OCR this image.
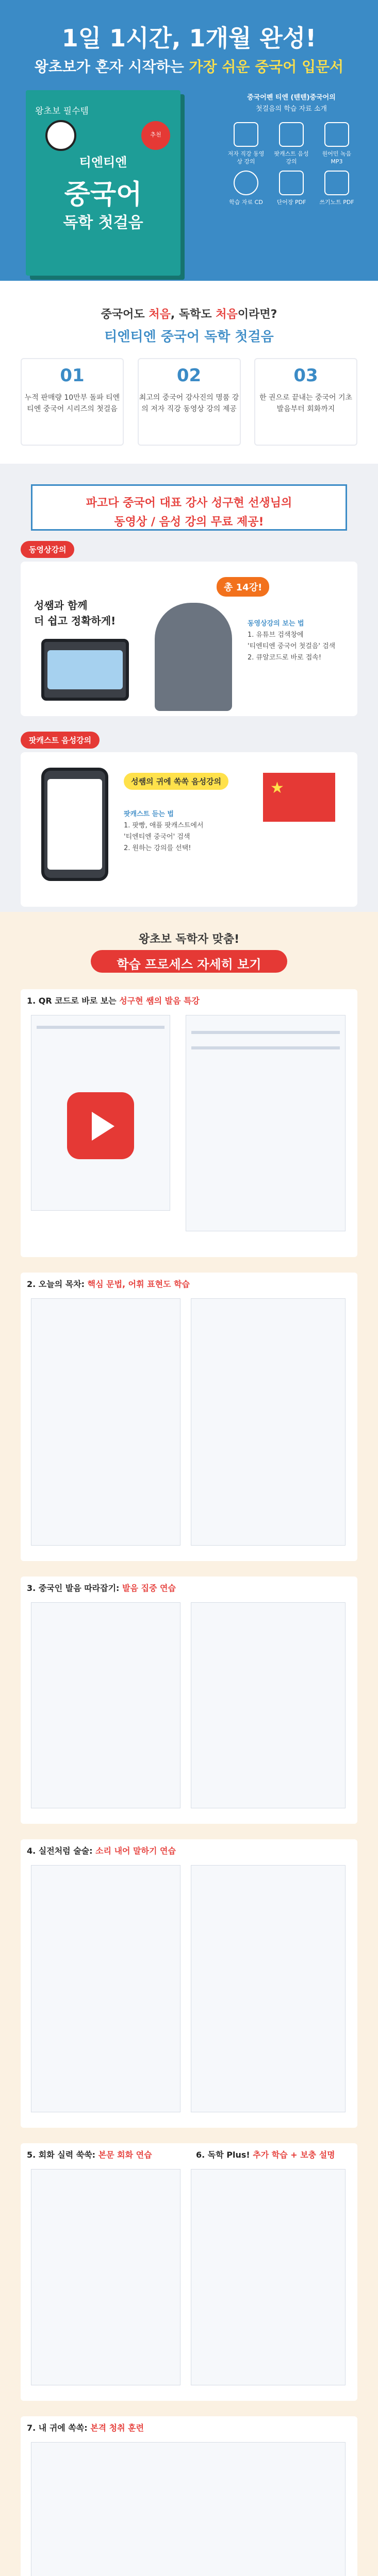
1일 1시간, 1개월 완성!
왕초보가 혼자 시작하는 가장 쉬운 중국어 입문서
왕초보 필수템
추천
티엔티엔
중국어
독학 첫걸음
중국어펜 티엔 (텐텐)중국어의
첫걸음의 학습 자료 소개
저자 직강 동영상 강의
팟캐스트 음성 강의
원어민 녹음 MP3
학습 자료 CD	단어장 PDF	쓰기노트 PDF
중국어도 처음, 독학도 처음이라면?
티엔티엔 중국어 독학 첫걸음
01
누적 판매량 10만부 돌파 티엔티엔 중국어 시리즈의 첫걸음
02
최고의 중국어 강사진의 명품 강의 저자 직강 동영상 강의 제공
03
한 권으로 끝내는 중국어 기초 발음부터 회화까지
파고다 중국어 대표 강사 성구현 선생님의
동영상 / 음성 강의 무료 제공!
동영상강의
성쌤과 함께
더 쉽고 정확하게!
총 14강!
동영상강의 보는 법
1. 유튜브 검색창에
'티엔티엔 중국어 첫걸음' 검색
2. 큐알코드로 바로 접속!
팟캐스트 음성강의
성쌤의 귀에 쏙쏙 음성강의
팟캐스트 듣는 법
1. 팟빵, 애플 팟캐스트에서
'티엔티엔 중국어' 검색
2. 원하는 강의를 선택!
★
왕초보 독학자 맞춤!
학습 프로세스 자세히 보기
1. QR 코드로 바로 보는 성구현 쌤의 발음 특강
2. 오늘의 목차: 핵심 문법, 어휘 표현도 학습
3. 중국인 발음 따라잡기: 발음 집중 연습
4. 실전처럼 술술: 소리 내어 말하기 연습
5. 회화 실력 쑥쑥: 본문 회화 연습	6. 독학 Plus! 추가 학습 + 보충 설명
7. 내 귀에 쏙쏙: 본격 청취 훈련
